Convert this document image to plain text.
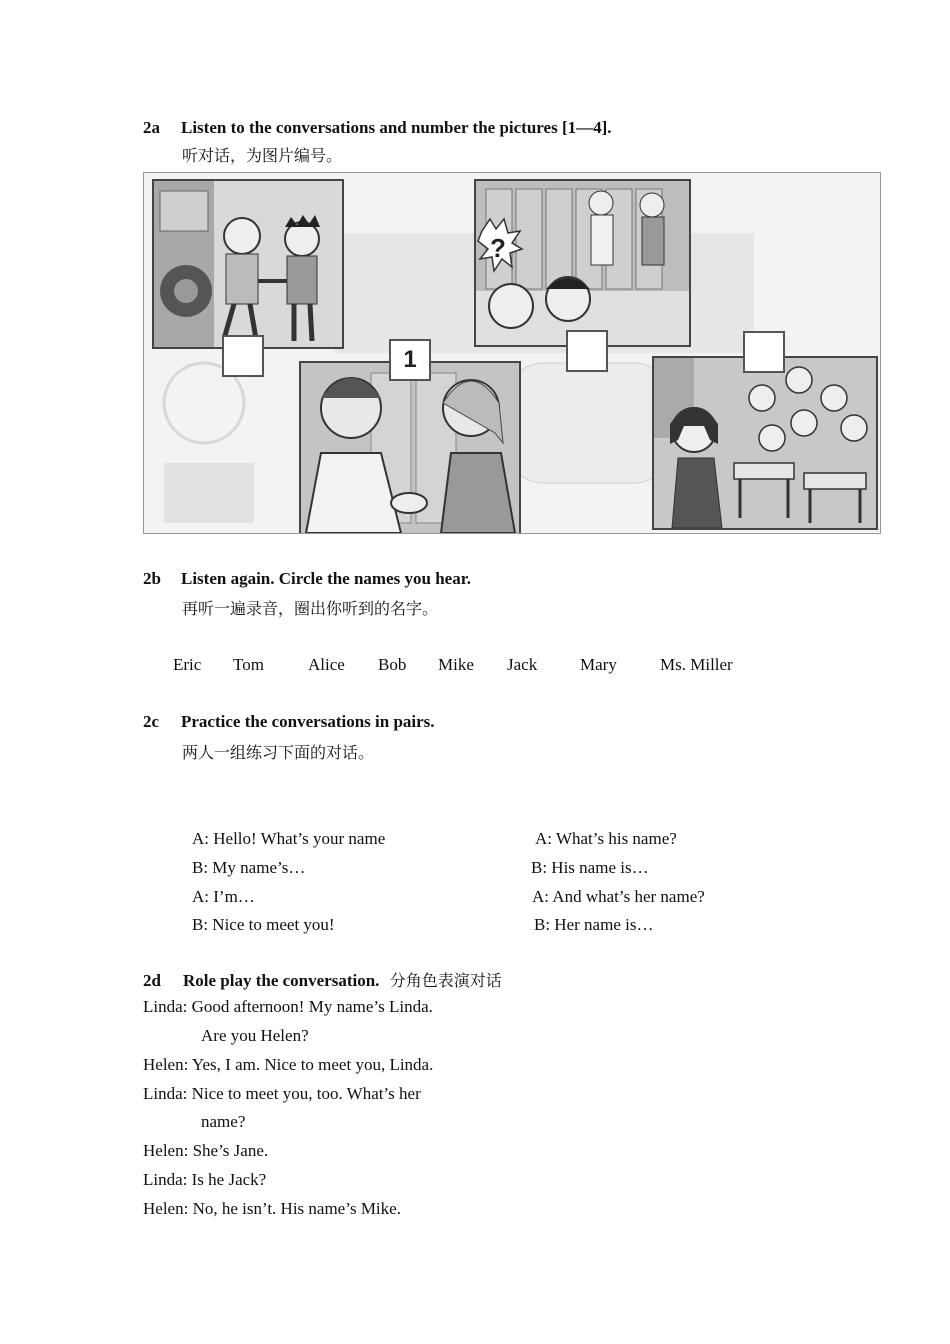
2a Listen to the conversations and number the pictures [1—4].
听对话，为图片编号。
?
1
2b Listen again. Circle the names you hear.
再听一遍录音，圈出你听到的名字。
Eric Tom	Alice Bob Mike Jack	Mary	Ms. Miller
2c Practice the conversations in pairs.
两人一组练习下面的对话。
A: Hello! What’s your name
B: My name’s…
A: I’m…
B: Nice to meet you!
A: What’s his name?
B: His name is…
A: And what’s her name?
B: Her name is…
2d Role play the conversation. 分角色表演对话
Linda: Good afternoon! My name’s Linda.
Are you Helen?
Helen: Yes, I am. Nice to meet you, Linda.
Linda: Nice to meet you, too. What’s her
name?
Helen: She’s Jane.
Linda: Is he Jack?
Helen: No, he isn’t. His name’s Mike.
